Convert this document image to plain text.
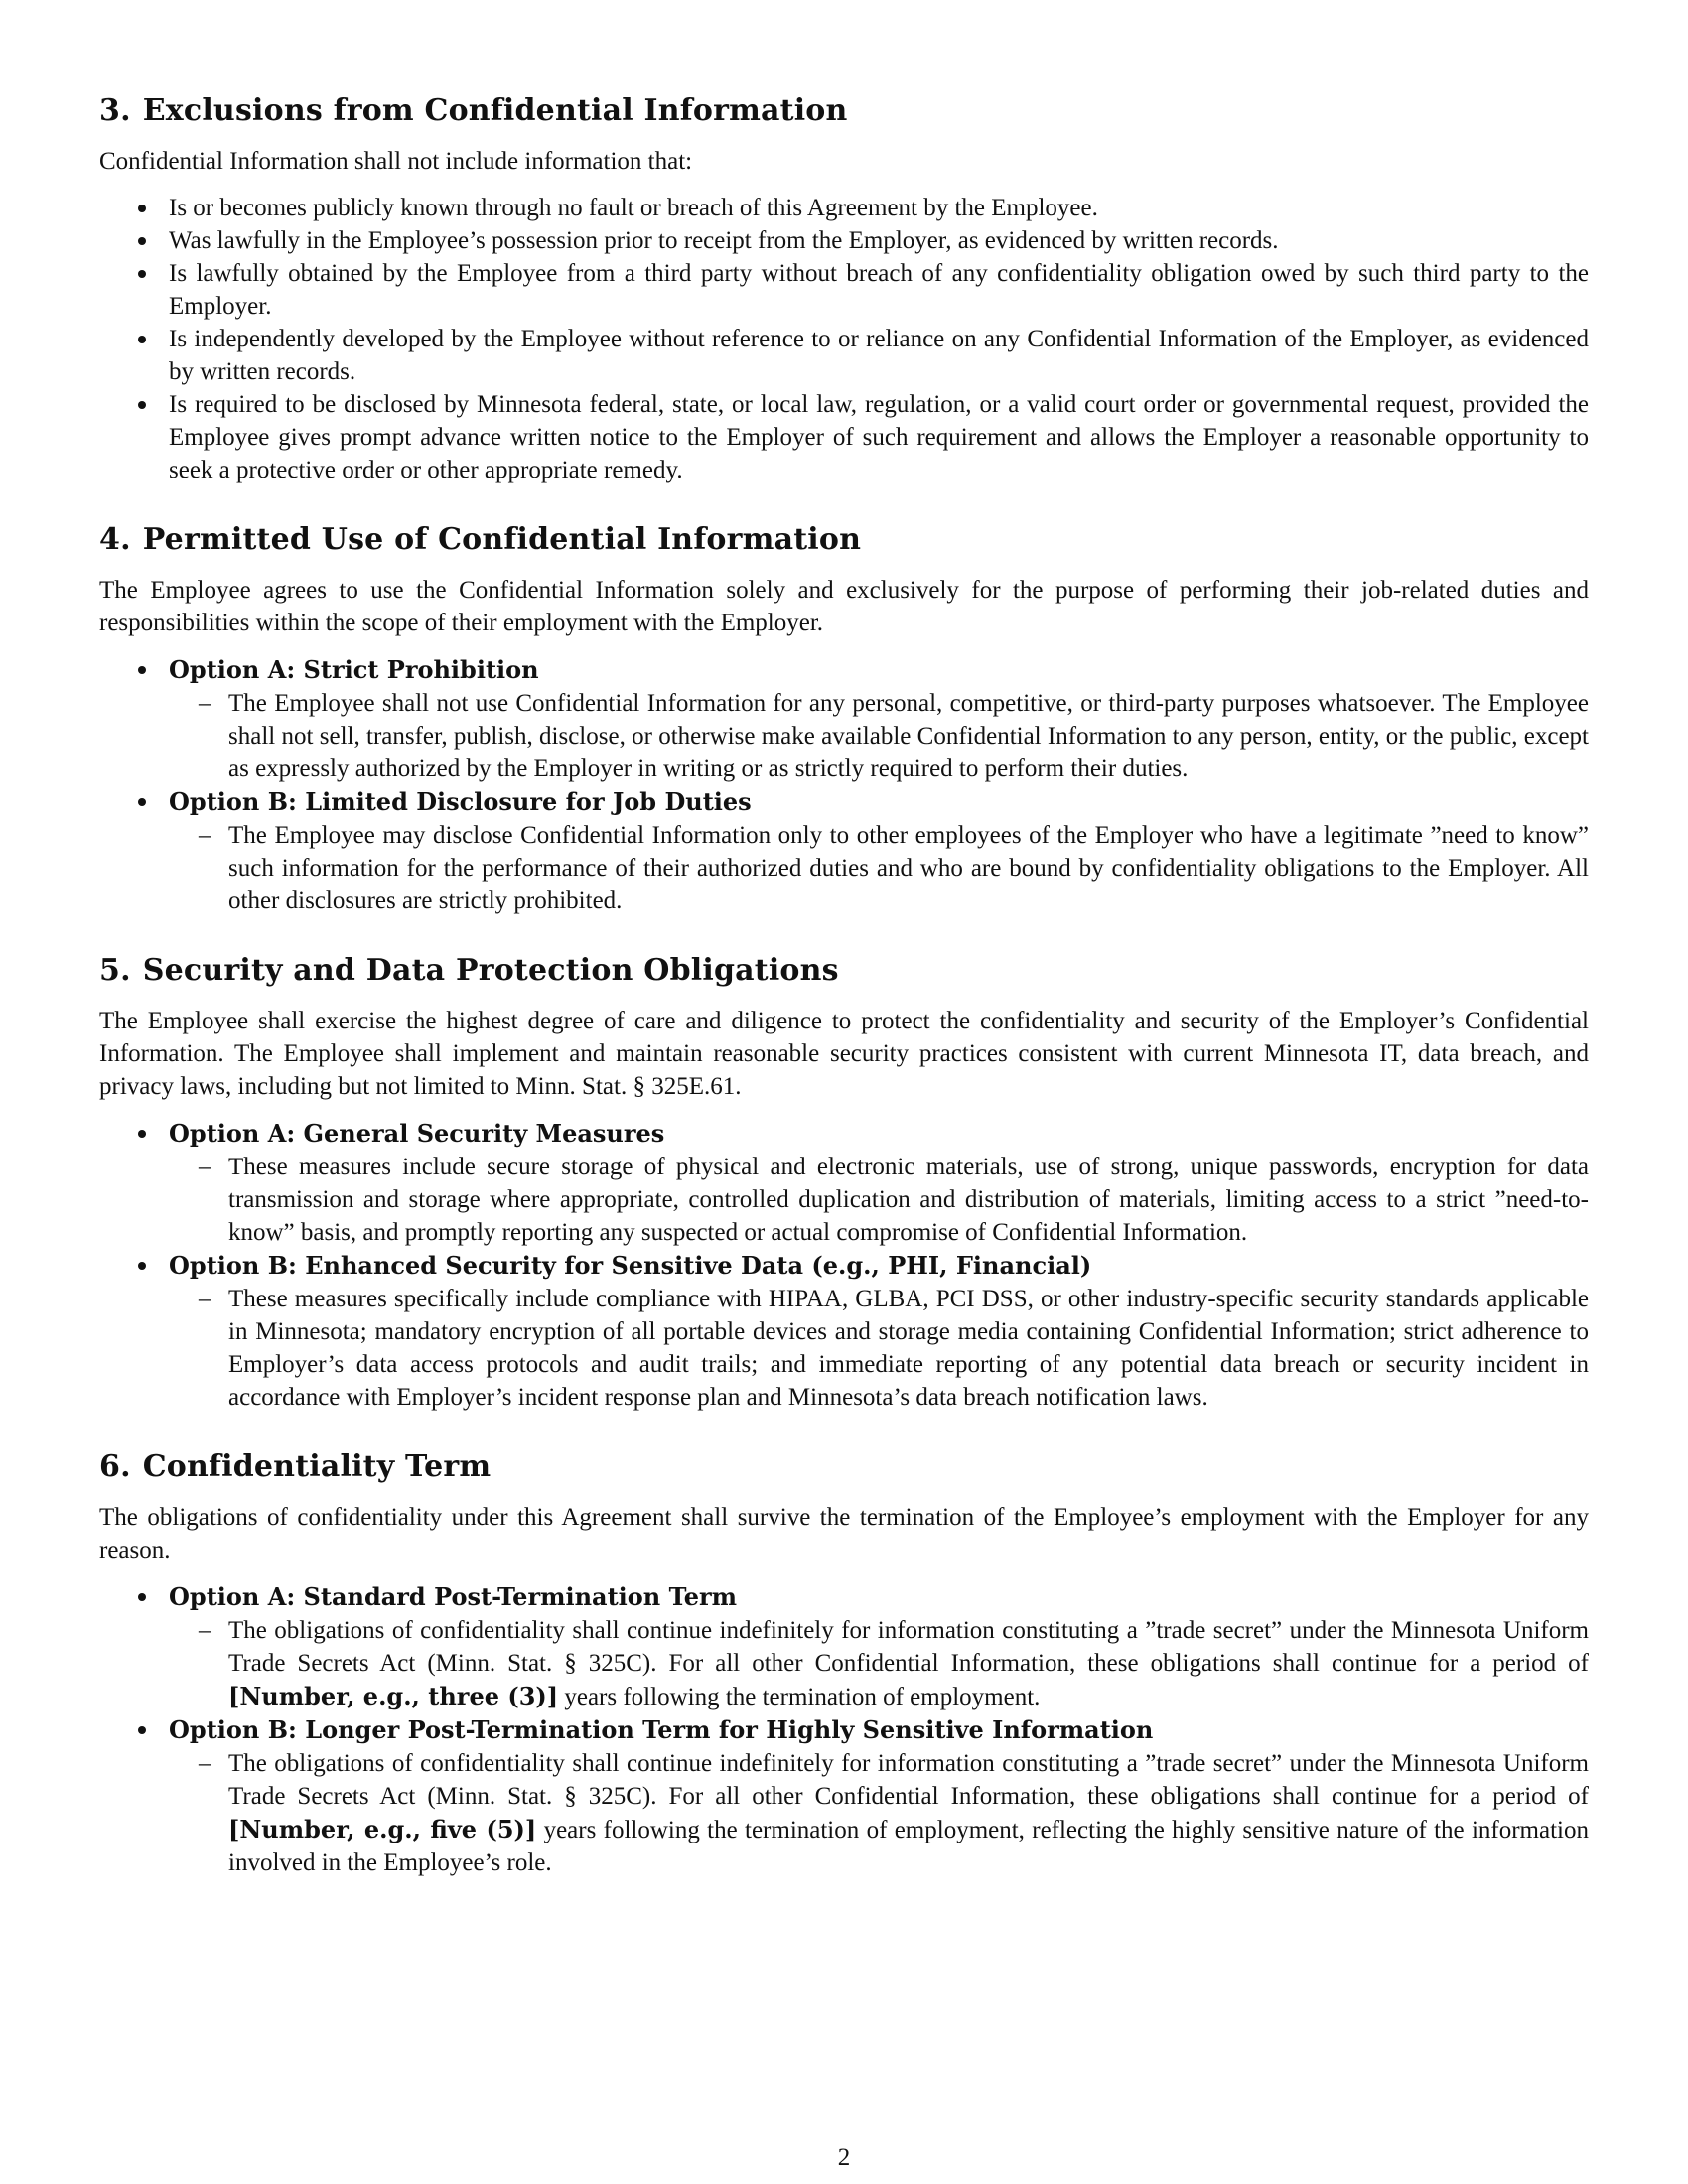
3. Exclusions from Confidential Information

Confidential Information shall not include information that:

Is or becomes publicly known through no fault or breach of this Agreement by the Employee.
Was lawfully in the Employee’s possession prior to receipt from the Employer, as evidenced by written records.
Is lawfully obtained by the Employee from a third party without breach of any confidentiality obligation owed by such third party to the Employer.
Is independently developed by the Employee without reference to or reliance on any Confidential Information of the Employer, as evidenced by written records.
Is required to be disclosed by Minnesota federal, state, or local law, regulation, or a valid court order or governmental request, provided the Employee gives prompt advance written notice to the Employer of such requirement and allows the Employer a reasonable opportunity to seek a protective order or other appropriate remedy.
4. Permitted Use of Confidential Information

The Employee agrees to use the Confidential Information solely and exclusively for the purpose of performing their job-related duties and responsibilities within the scope of their employment with the Employer.

Option A: Strict Prohibition
– The Employee shall not use Confidential Information for any personal, competitive, or third-party purposes whatsoever. The Employee shall not sell, transfer, publish, disclose, or otherwise make available Confidential Information to any person, entity, or the public, except as expressly authorized by the Employer in writing or as strictly required to perform their duties.
Option B: Limited Disclosure for Job Duties
– The Employee may disclose Confidential Information only to other employees of the Employer who have a legitimate ”need to know” such information for the performance of their authorized duties and who are bound by confidentiality obligations to the Employer. All other disclosures are strictly prohibited.
5. Security and Data Protection Obligations

The Employee shall exercise the highest degree of care and diligence to protect the confidentiality and security of the Employer’s Confidential Information. The Employee shall implement and maintain reasonable security practices consistent with current Minnesota IT, data breach, and privacy laws, including but not limited to Minn. Stat. § 325E.61.

Option A: General Security Measures
– These measures include secure storage of physical and electronic materials, use of strong, unique passwords, encryption for data transmission and storage where appropriate, controlled duplication and distribution of materials, limiting access to a strict ”need-to-know” basis, and promptly reporting any suspected or actual compromise of Confidential Information.
Option B: Enhanced Security for Sensitive Data (e.g., PHI, Financial)
– These measures specifically include compliance with HIPAA, GLBA, PCI DSS, or other industry-specific security standards applicable in Minnesota; mandatory encryption of all portable devices and storage media containing Confidential Information; strict adherence to Employer’s data access protocols and audit trails; and immediate reporting of any potential data breach or security incident in accordance with Employer’s incident response plan and Minnesota’s data breach notification laws.
6. Confidentiality Term

The obligations of confidentiality under this Agreement shall survive the termination of the Employee’s employment with the Employer for any reason.

Option A: Standard Post-Termination Term
– The obligations of confidentiality shall continue indefinitely for information constituting a ”trade secret” under the Minnesota Uniform Trade Secrets Act (Minn. Stat. § 325C). For all other Confidential Information, these obligations shall continue for a period of [Number, e.g., three (3)] years following the termination of employment.
Option B: Longer Post-Termination Term for Highly Sensitive Information
– The obligations of confidentiality shall continue indefinitely for information constituting a ”trade secret” under the Minnesota Uniform Trade Secrets Act (Minn. Stat. § 325C). For all other Confidential Information, these obligations shall continue for a period of [Number, e.g., five (5)] years following the termination of employment, reflecting the highly sensitive nature of the information involved in the Employee’s role.
2
